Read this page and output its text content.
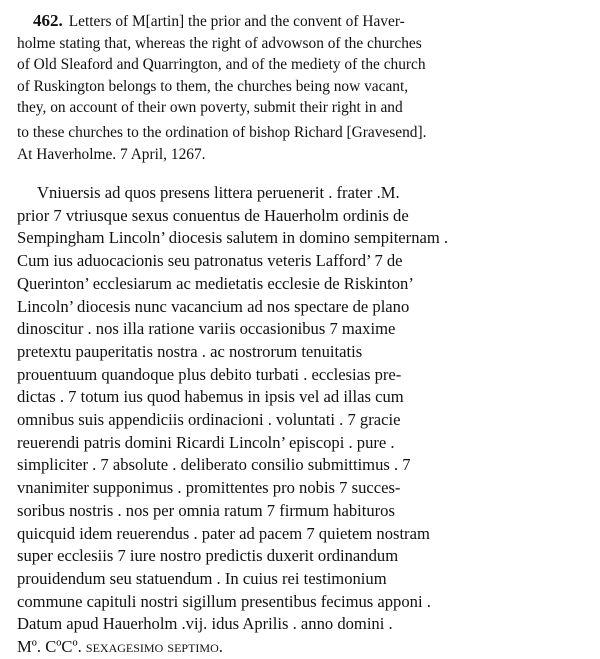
462. Letters of M[artin] the prior and the convent of Haver-
holme stating that, whereas the right of advowson of the churches
of Old Sleaford and Quarrington, and of the mediety of the church
of Ruskington belongs to them, the churches being now vacant,
they, on account of their own poverty, submit their right in and
to these churches to the ordination of bishop Richard [Gravesend].
At Haverholme. 7 April, 1267.
Vniuersis ad quos presens littera peruenerit . frater .M.
prior 7 vtriusque sexus conuentus de Hauerholm ordinis de
Sempingham Lincoln’ diocesis salutem in domino sempiternam .
Cum ius aduocacionis seu patronatus veteris Lafford’ 7 de
Querinton’ ecclesiarum ac medietatis ecclesie de Riskinton’
Lincoln’ diocesis nunc vacancium ad nos spectare de plano
dinoscitur . nos illa ratione variis occasionibus 7 maxime
pretextu pauperitatis nostra . ac nostrorum tenuitatis
prouentuum quandoque plus debito turbati . ecclesias pre-
dictas . 7 totum ius quod habemus in ipsis vel ad illas cum
omnibus suis appendiciis ordinacioni . voluntati . 7 gracie
reuerendi patris domini Ricardi Lincoln’ episcopi . pure .
simpliciter . 7 absolute . deliberato consilio submittimus . 7
vnanimiter supponimus . promittentes pro nobis 7 succes-
soribus nostris . nos per omnia ratum 7 firmum habituros
quicquid idem reuerendus . pater ad pacem 7 quietem nostram
super ecclesiis 7 iure nostro predictis duxerit ordinandum
prouidendum seu statuendum . In cuius rei testimonium
commune capituli nostri sigillum presentibus fecimus apponi .
Datum apud Hauerholm .vij. idus Aprilis . anno domini .
Mº. CºCº. sexagesimo septimo.
